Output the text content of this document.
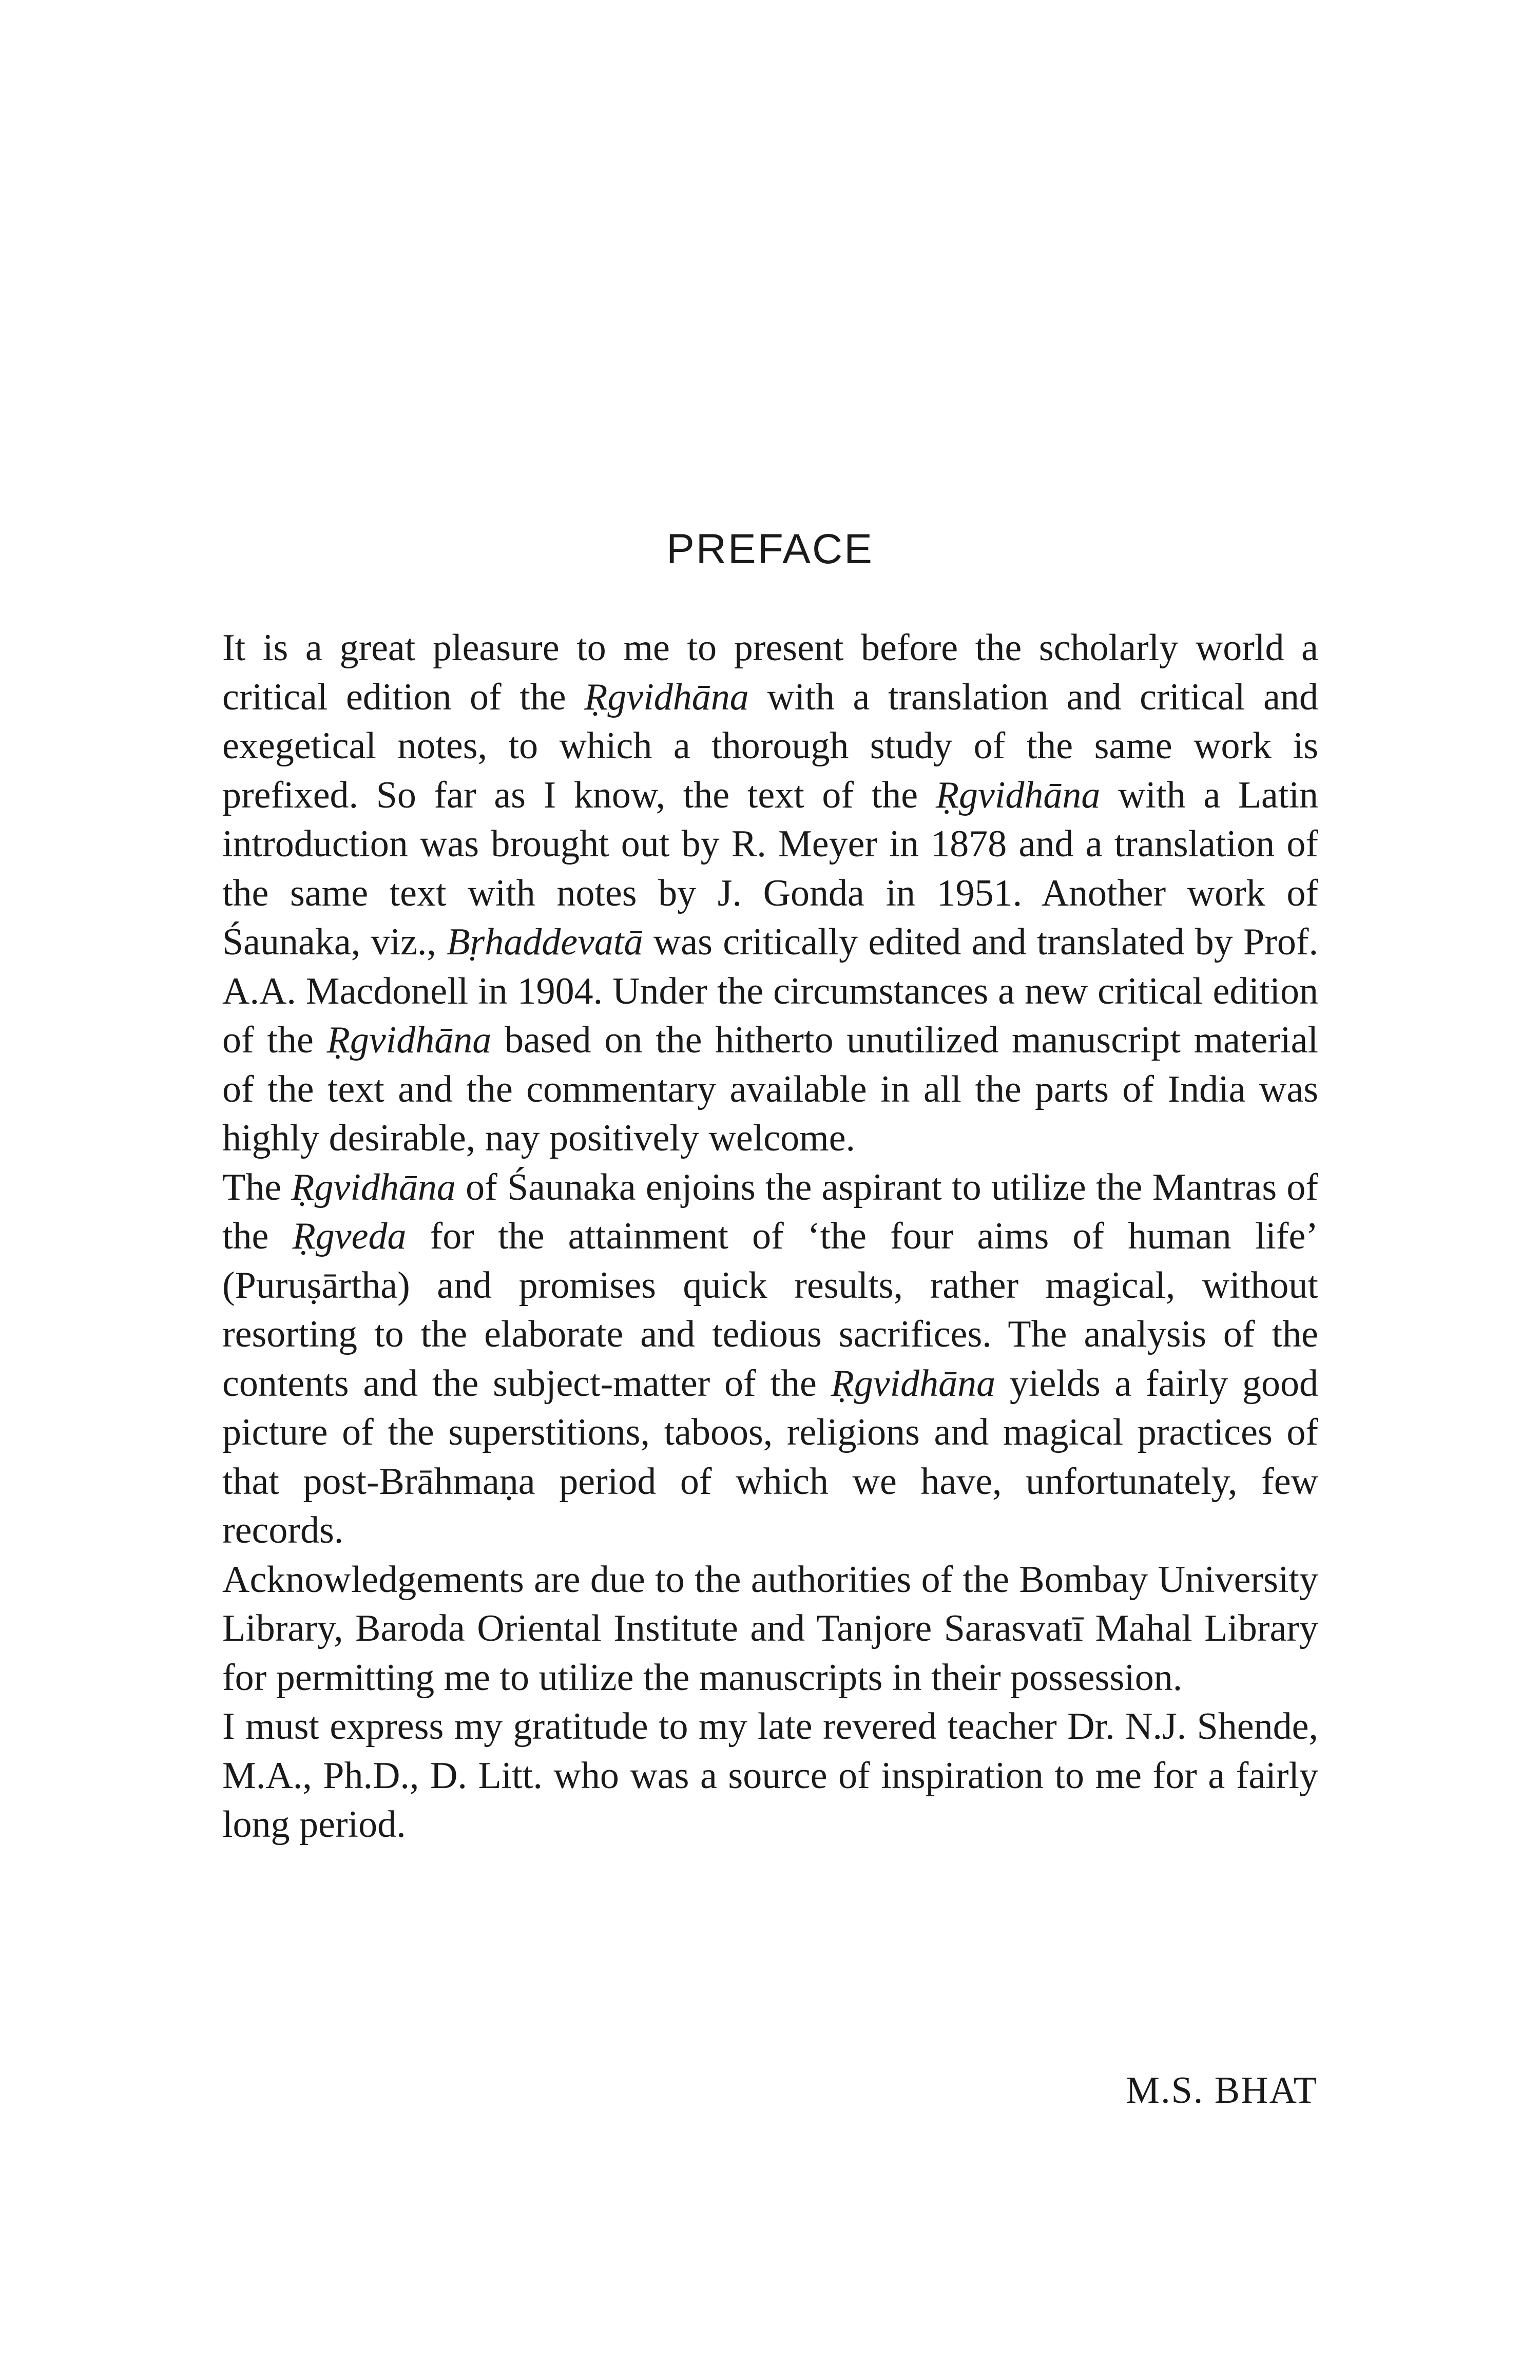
PREFACE

It is a great pleasure to me to present before the scholarly world a critical edition of the Ṛgvidhāna with a translation and critical and exegetical notes, to which a thorough study of the same work is prefixed. So far as I know, the text of the Ṛgvidhāna with a Latin introduction was brought out by R. Meyer in 1878 and a translation of the same text with notes by J. Gonda in 1951. Another work of Śaunaka, viz., Bṛhaddevatā was critically edited and translated by Prof. A.A. Macdonell in 1904. Under the circumstances a new critical edition of the Ṛgvidhāna based on the hitherto unutilized manuscript material of the text and the commentary available in all the parts of India was highly desirable, nay positively welcome.

The Ṛgvidhāna of Śaunaka enjoins the aspirant to utilize the Mantras of the Ṛgveda for the attainment of ‘the four aims of human life’ (Puruṣārtha) and promises quick results, rather magical, without resorting to the elaborate and tedious sacrifices. The analysis of the contents and the subject-matter of the Ṛgvidhāna yields a fairly good picture of the superstitions, taboos, religions and magical practices of that post-Brāhmaṇa period of which we have, unfortunately, few records.

Acknowledgements are due to the authorities of the Bombay University Library, Baroda Oriental Institute and Tanjore Sarasvatī Mahal Library for permitting me to utilize the manuscripts in their possession.

I must express my gratitude to my late revered teacher Dr. N.J. Shende, M.A., Ph.D., D. Litt. who was a source of inspiration to me for a fairly long period.

M.S. BHAT
